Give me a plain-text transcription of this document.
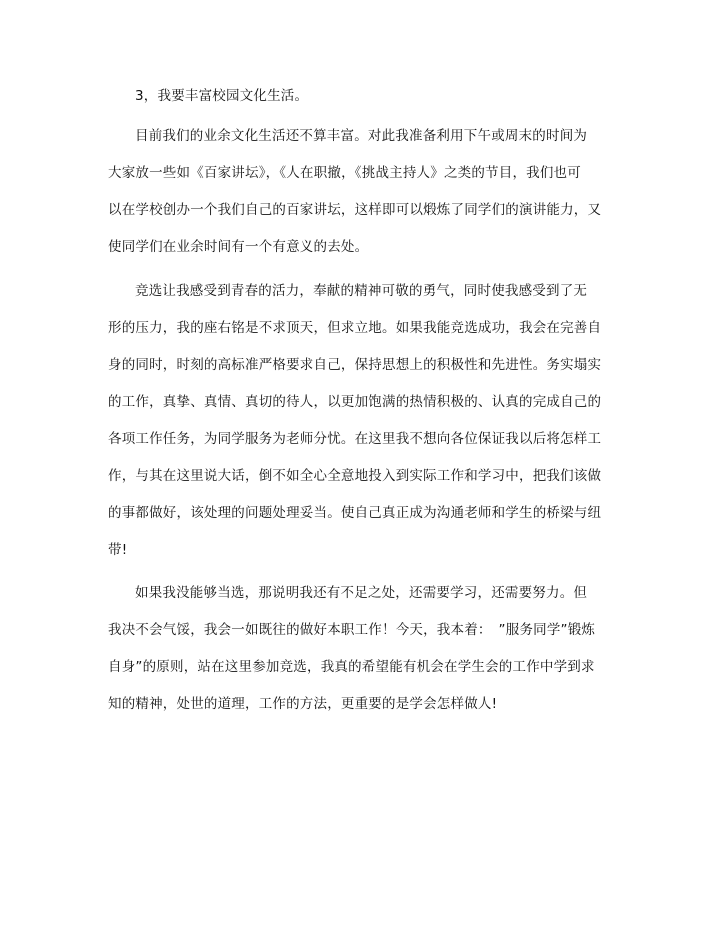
3，我要丰富校园文化生活。
目前我们的业余文化生活还不算丰富。对此我准备利用下午或周末的时间为
大家放一些如《百家讲坛》，《人在职撤，《挑战主持人》之类的节目，我们也可
以在学校创办一个我们自己的百家讲坛，这样即可以煅炼了同学们的演讲能力，又
使同学们在业余时间有一个有意义的去处。
竞选让我感受到青春的活力，奉献的精神可敬的勇气，同时使我感受到了无
形的压力，我的座右铭是不求顶天，但求立地。如果我能竞选成功，我会在完善自
身的同时，时刻的高标准严格要求自己，保持思想上的积极性和先进性。务实塌实
的工作，真挚、真情、真切的待人，以更加饱满的热情积极的、认真的完成自己的
各项工作任务，为同学服务为老师分忧。在这里我不想向各位保证我以后将怎样工
作，与其在这里说大话，倒不如全心全意地投入到实际工作和学习中，把我们该做
的事都做好，该处理的问题处理妥当。使自己真正成为沟通老师和学生的桥梁与纽
带!
如果我没能够当选，那说明我还有不足之处，还需要学习，还需要努力。但
我决不会气馁，我会一如既往的做好本职工作！今天，我本着：　”服务同学”锻炼
自身”的原则，站在这里参加竞选，我真的希望能有机会在学生会的工作中学到求
知的精神，处世的道理，工作的方法，更重要的是学会怎样做人!
